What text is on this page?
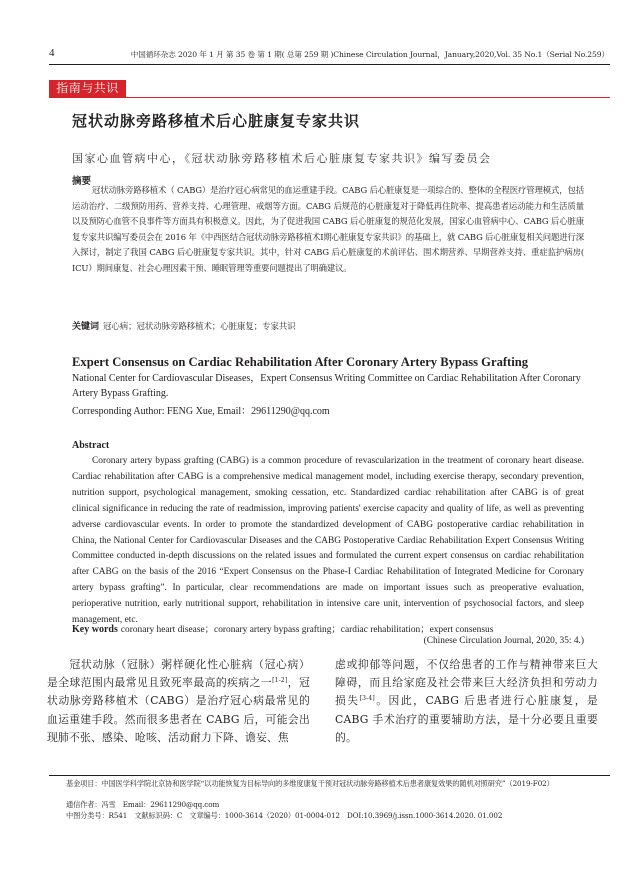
4	中国循环杂志 2020 年 1 月 第 35 卷 第 1 期( 总第 259 期 )Chinese Circulation Journal，January,2020,Vol. 35 No.1（Serial No.259）
指南与共识
冠状动脉旁路移植术后心脏康复专家共识
国家心血管病中心，《冠状动脉旁路移植术后心脏康复专家共识》编写委员会
摘要
冠状动脉旁路移植术（ CABG）是治疗冠心病常见的血运重建手段。CABG 后心脏康复是一项综合的、整体的全程医疗管理模式，包括运动治疗、二级预防用药、营养支持、心理管理、戒烟等方面。CABG 后规范的心脏康复对于降低再住院率、提高患者运动能力和生活质量以及预防心血管不良事件等方面具有积极意义。因此，为了促进我国 CABG 后心脏康复的规范化发展，国家心血管病中心、CABG 后心脏康复专家共识编写委员会在 2016 年《中西医结合冠状动脉旁路移植术Ⅰ期心脏康复专家共识》的基础上，就 CABG 后心脏康复相关问题进行深入探讨，制定了我国 CABG 后心脏康复专家共识。其中，针对 CABG 后心脏康复的术前评估、围术期营养、早期营养支持、重症监护病房( ICU）期间康复、社会心理因素干预、睡眠管理等重要问题提出了明确建议。
关键词 冠心病；冠状动脉旁路移植术；心脏康复；专家共识
Expert Consensus on Cardiac Rehabilitation After Coronary Artery Bypass Grafting
National Center for Cardiovascular Diseases，Expert Consensus Writing Committee on Cardiac Rehabilitation After Coronary Artery Bypass Grafting.
Corresponding Author: FENG Xue, Email：29611290@qq.com
Abstract
Coronary artery bypass grafting (CABG) is a common procedure of revascularization in the treatment of coronary heart disease. Cardiac rehabilitation after CABG is a comprehensive medical management model, including exercise therapy, secondary prevention, nutrition support, psychological management, smoking cessation, etc. Standardized cardiac rehabilitation after CABG is of great clinical significance in reducing the rate of readmission, improving patients' exercise capacity and quality of life, as well as preventing adverse cardiovascular events. In order to promote the standardized development of CABG postoperative cardiac rehabilitation in China, the National Center for Cardiovascular Diseases and the CABG Postoperative Cardiac Rehabilitation Expert Consensus Writing Committee conducted in-depth discussions on the related issues and formulated the current expert consensus on cardiac rehabilitation after CABG on the basis of the 2016 “Expert Consensus on the Phase-I Cardiac Rehabilitation of Integrated Medicine for Coronary artery bypass grafting”. In particular, clear recommendations are made on important issues such as preoperative evaluation, perioperative nutrition, early nutritional support, rehabilitation in intensive care unit, intervention of psychosocial factors, and sleep management, etc.
Key words coronary heart disease；coronary artery bypass grafting；cardiac rehabilitation；expert consensus
(Chinese Circulation Journal, 2020, 35: 4.)
冠状动脉（冠脉）粥样硬化性心脏病（冠心病）是全球范围内最常见且致死率最高的疾病之一[1-2]，冠状动脉旁路移植术（CABG）是治疗冠心病最常见的血运重建手段。然而很多患者在 CABG 后，可能会出现肺不张、感染、呛咳、活动耐力下降、谵妄、焦
虑或抑郁等问题，不仅给患者的工作与精神带来巨大障碍，而且给家庭及社会带来巨大经济负担和劳动力损失[3-4]。因此，CABG 后患者进行心脏康复，是 CABG 手术治疗的重要辅助方法，是十分必要且重要的。
基金项目：中国医学科学院北京协和医学院“以功能恢复为目标导向的多维度康复干预对冠状动脉旁路移植术后患者康复效果的随机对照研究”（2019-F02）
通信作者：冯雪　Email：29611290@qq.com
中图分类号：R541　文献标识码：C　文章编号：1000-3614（2020）01-0004-012　DOI:10.3969/j.issn.1000-3614.2020. 01.002
